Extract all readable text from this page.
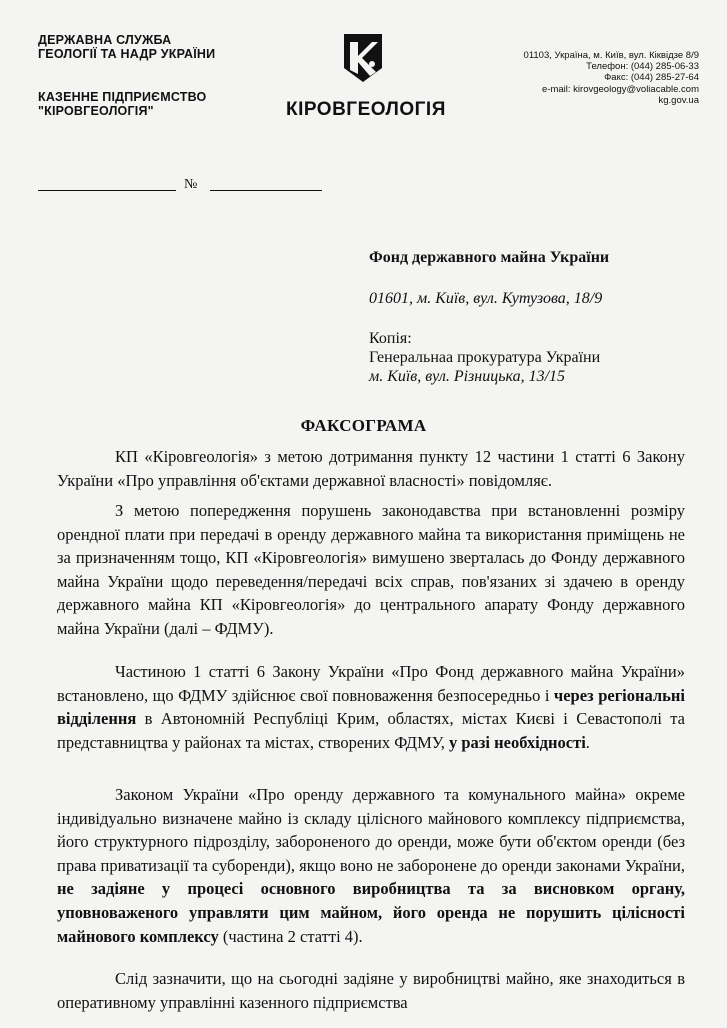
ДЕРЖАВНА СЛУЖБА
ГЕОЛОГІЇ ТА НАДР УКРАЇНИ
КАЗЕННЕ ПІДПРИЄМСТВО
"КІРОВГЕОЛОГІЯ"	КІРОВГЕОЛОГІЯ
01103, Україна, м. Київ, вул. Кіквідзе 8/9
Телефон: (044) 285-06-33
Факс: (044) 285-27-64
e-mail: kirovgeology@voliacable.com
kg.gov.ua
№
Фонд державного майна України
01601, м. Київ, вул. Кутузова, 18/9
Копія:
Генеральнаа прокуратура України
м. Київ, вул. Різницька, 13/15
ФАКСОГРАМА
КП «Кіровгеологія» з метою дотримання пункту 12 частини 1 статті 6 Закону України «Про управління об'єктами державної власності» повідомляє.
З метою попередження порушень законодавства при встановленні розміру орендної плати при передачі в оренду державного майна та використання приміщень не за призначенням тощо, КП «Кіровгеологія» вимушено зверталась до Фонду державного майна України щодо переведення/передачі всіх справ, пов'язаних зі здачею в оренду державного майна КП «Кіровгеологія» до центрального апарату Фонду державного майна України (далі – ФДМУ).
Частиною 1 статті 6 Закону України «Про Фонд державного майна України» встановлено, що ФДМУ здійснює свої повноваження безпосередньо і через регіональні відділення в Автономній Республіці Крим, областях, містах Києві і Севастополі та представництва у районах та містах, створених ФДМУ, у разі необхідності.
Законом України «Про оренду державного та комунального майна» окреме індивідуально визначене майно із складу цілісного майнового комплексу підприємства, його структурного підрозділу, забороненого до оренди, може бути об'єктом оренди (без права приватизації та суборенди), якщо воно не заборонене до оренди законами України, не задіяне у процесі основного виробництва та за висновком органу, уповноваженого управляти цим майном, його оренда не порушить цілісності майнового комплексу (частина 2 статті 4).
Слід зазначити, що на сьогодні задіяне у виробництві майно, яке знаходиться в оперативному управлінні казенного підприємства
